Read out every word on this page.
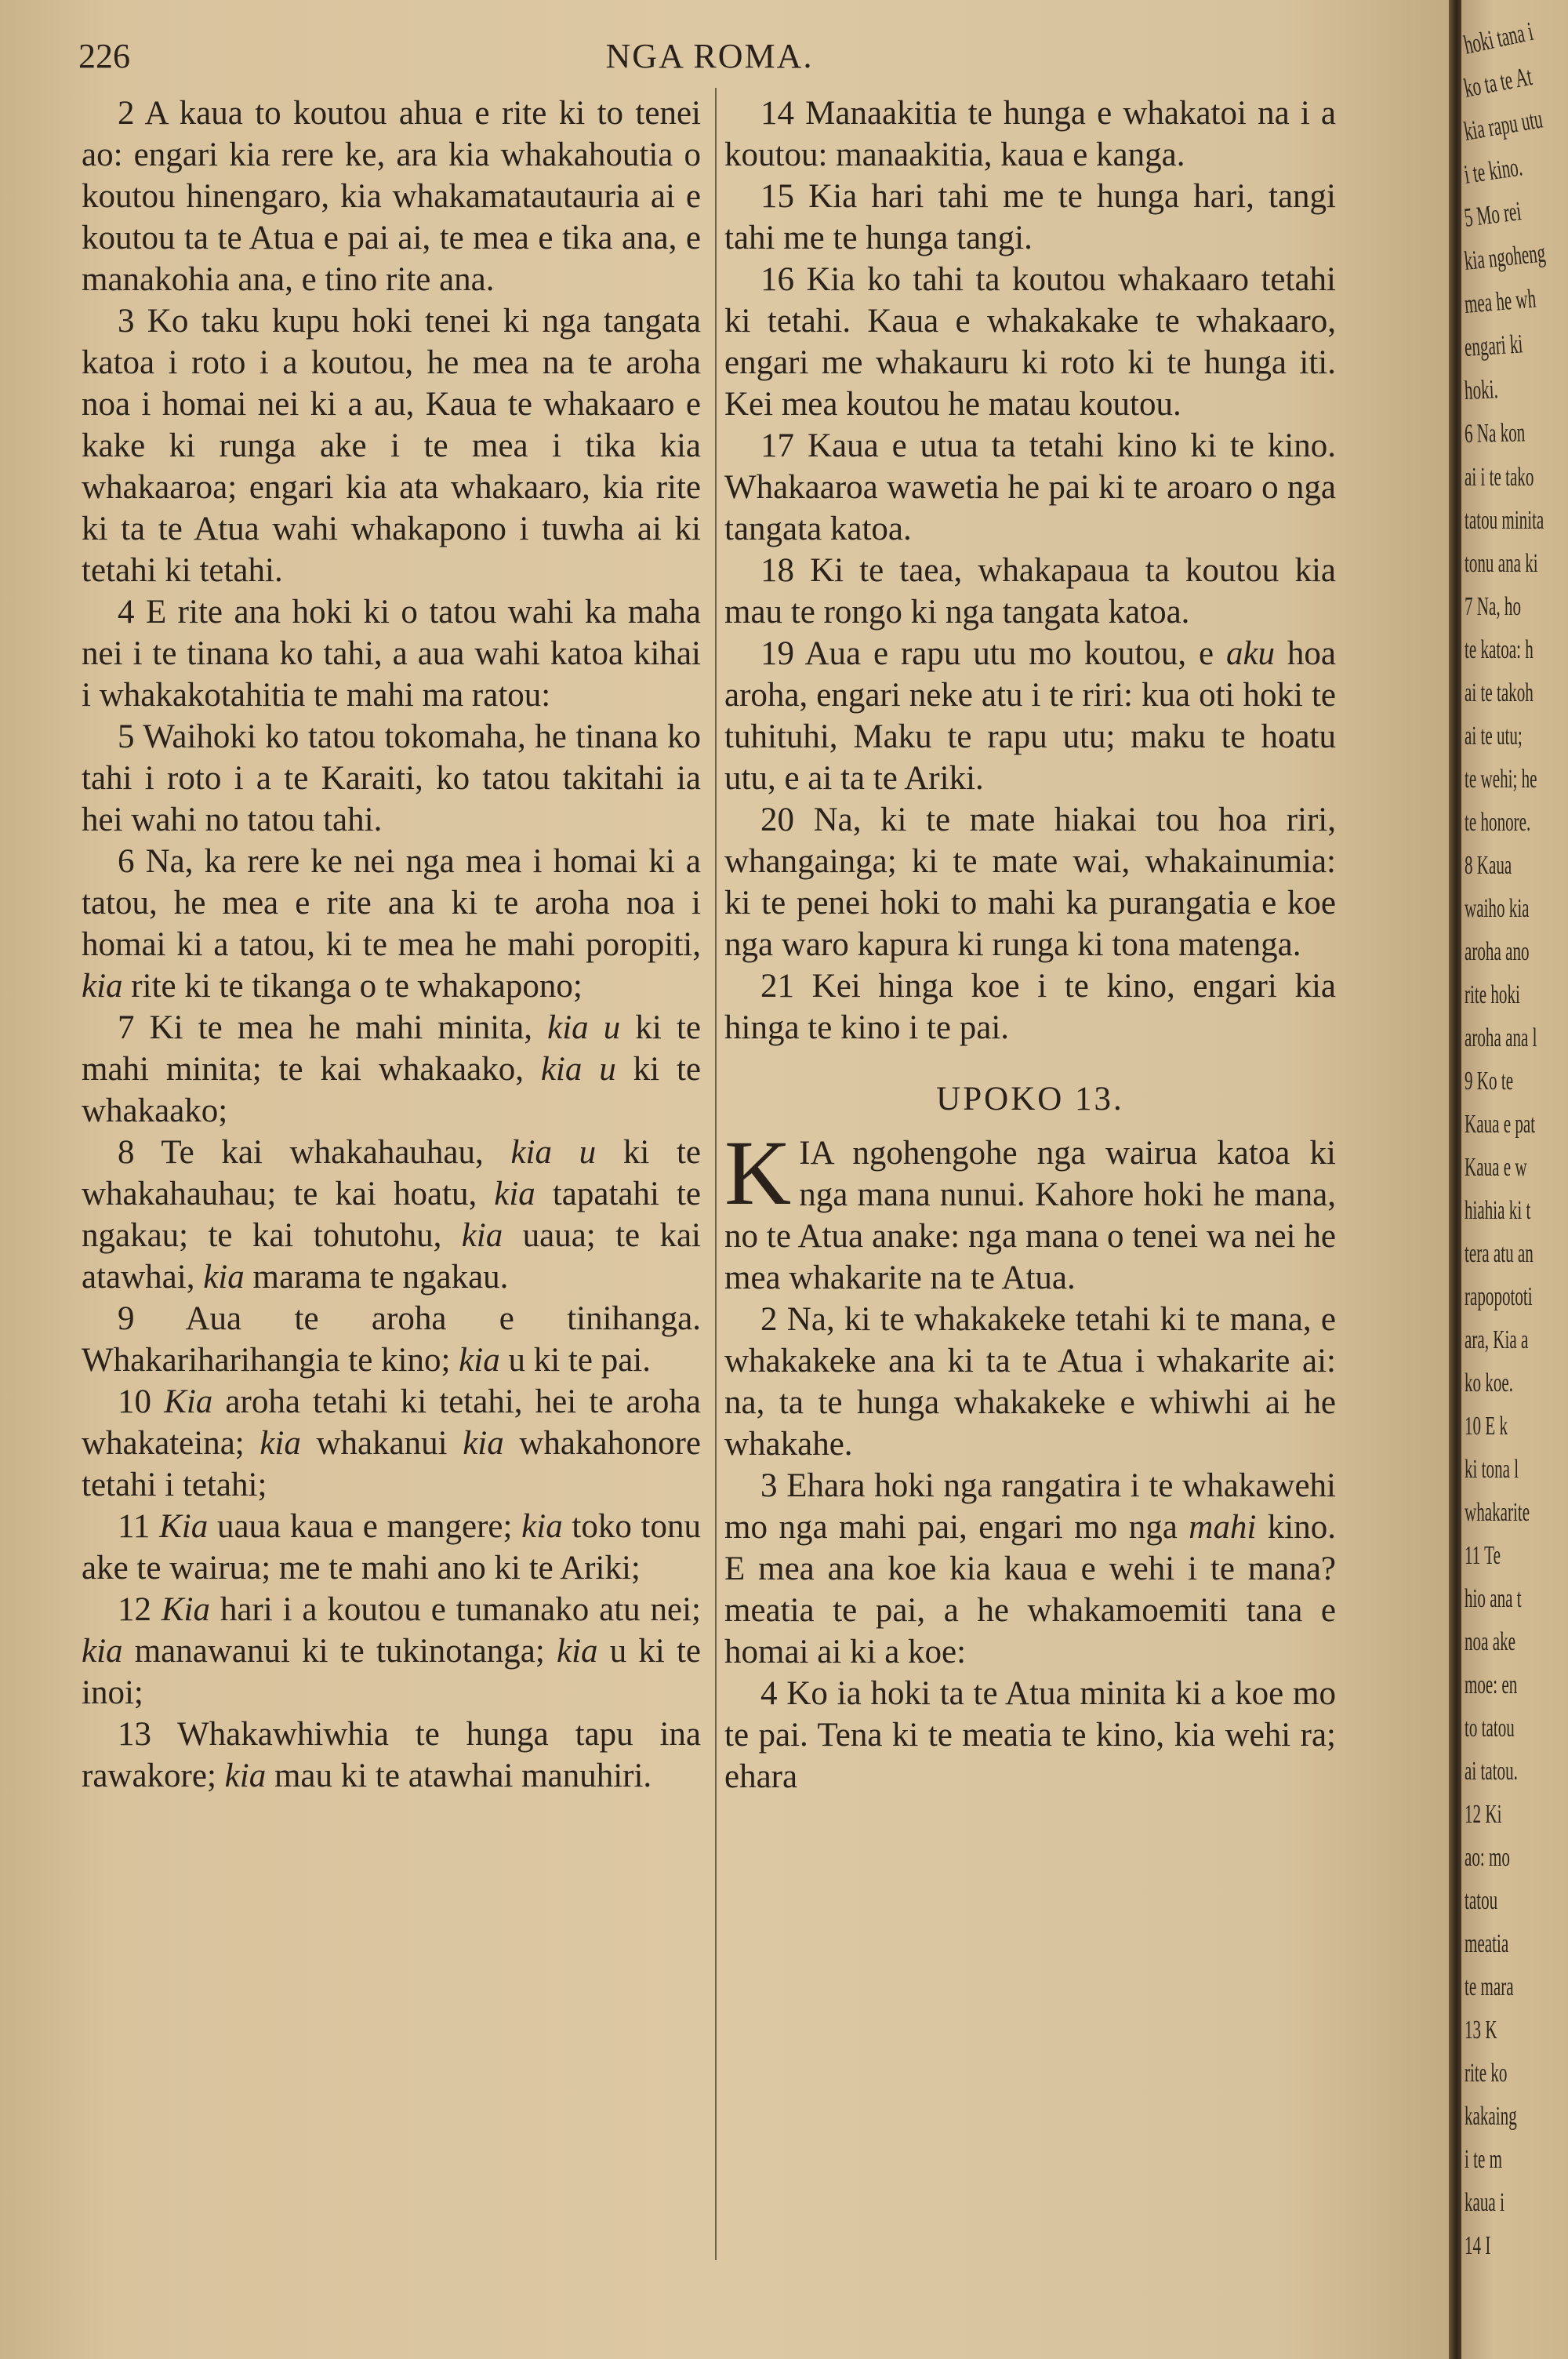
226	NGA ROMA.

2 A kaua to koutou ahua e rite ki to tenei ao: engari kia rere ke, ara kia whakahoutia o koutou hinengaro, kia whakamatautauria ai e koutou ta te Atua e pai ai, te mea e tika ana, e manakohia ana, e tino rite ana.

3 Ko taku kupu hoki tenei ki nga tangata katoa i roto i a koutou, he mea na te aroha noa i homai nei ki a au, Kaua te whakaaro e kake ki runga ake i te mea i tika kia whakaaroa; engari kia ata whakaaro, kia rite ki ta te Atua wahi whakapono i tuwha ai ki tetahi ki tetahi.

4 E rite ana hoki ki o tatou wahi ka maha nei i te tinana ko tahi, a aua wahi katoa kihai i whakakotahitia te mahi ma ratou:

5 Waihoki ko tatou tokomaha, he tinana ko tahi i roto i a te Karaiti, ko tatou takitahi ia hei wahi no tatou tahi.

6 Na, ka rere ke nei nga mea i homai ki a tatou, he mea e rite ana ki te aroha noa i homai ki a tatou, ki te mea he mahi poropiti, kia rite ki te tikanga o te whakapono;

7 Ki te mea he mahi minita, kia u ki te mahi minita; te kai whakaako, kia u ki te whakaako;

8 Te kai whakahauhau, kia u ki te whakahauhau; te kai hoatu, kia tapatahi te ngakau; te kai tohutohu, kia uaua; te kai atawhai, kia marama te ngakau.

9 Aua te aroha e tinihanga. Whakariharihangia te kino; kia u ki te pai.

10 Kia aroha tetahi ki tetahi, hei te aroha whakateina; kia whakanui kia whakahonore tetahi i tetahi;

11 Kia uaua kaua e mangere; kia toko tonu ake te wairua; me te mahi ano ki te Ariki;

12 Kia hari i a koutou e tumanako atu nei; kia manawanui ki te tukinotanga; kia u ki te inoi;

13 Whakawhiwhia te hunga tapu ina rawakore; kia mau ki te atawhai manuhiri.

14 Manaakitia te hunga e whakatoi na i a koutou: manaakitia, kaua e kanga.

15 Kia hari tahi me te hunga hari, tangi tahi me te hunga tangi.

16 Kia ko tahi ta koutou whakaaro tetahi ki tetahi. Kaua e whakakake te whakaaro, engari me whakauru ki roto ki te hunga iti. Kei mea koutou he matau koutou.

17 Kaua e utua ta tetahi kino ki te kino. Whakaaroa wawetia he pai ki te aroaro o nga tangata katoa.

18 Ki te taea, whakapaua ta koutou kia mau te rongo ki nga tangata katoa.

19 Aua e rapu utu mo koutou, e aku hoa aroha, engari neke atu i te riri: kua oti hoki te tuhituhi, Maku te rapu utu; maku te hoatu utu, e ai ta te Ariki.

20 Na, ki te mate hiakai tou hoa riri, whangainga; ki te mate wai, whakainumia: ki te penei hoki to mahi ka purangatia e koe nga waro kapura ki runga ki tona matenga.

21 Kei hinga koe i te kino, engari kia hinga te kino i te pai.

UPOKO 13.

KIA ngohengohe nga wairua katoa ki nga mana nunui. Kahore hoki he mana, no te Atua anake: nga mana o tenei wa nei he mea whakarite na te Atua.

2 Na, ki te whakakeke tetahi ki te mana, e whakakeke ana ki ta te Atua i whakarite ai: na, ta te hunga whakakeke e whiwhi ai he whakahe.

3 Ehara hoki nga rangatira i te whakawehi mo nga mahi pai, engari mo nga mahi kino. E mea ana koe kia kaua e wehi i te mana? meatia te pai, a he whakamoemiti tana e homai ai ki a koe:

4 Ko ia hoki ta te Atua minita ki a koe mo te pai. Tena ki te meatia te kino, kia wehi ra; ehara

hoki tana i
ko ta te At
kia rapu utu
i te kino.
5 Mo rei
kia ngoheng
mea he wh
engari ki
hoki.
6 Na kon
ai i te tako
tatou minita
tonu ana ki
7 Na, ho
te katoa: h
ai te takoh
ai te utu;
te wehi; he
te honore.
8 Kaua
waiho kia
aroha ano
rite hoki
aroha ana l
9 Ko te
Kaua e pat
Kaua e w
hiahia ki t
tera atu an
rapopototi
ara, Kia a
ko koe.
10 E k
ki tona l
whakarite
11 Te
hio ana t
noa ake
moe: en
to tatou
ai tatou.
12 Ki
ao: mo
tatou
meatia
te mara
13 K
rite ko
kakaing
i te m
kaua i
14 I
